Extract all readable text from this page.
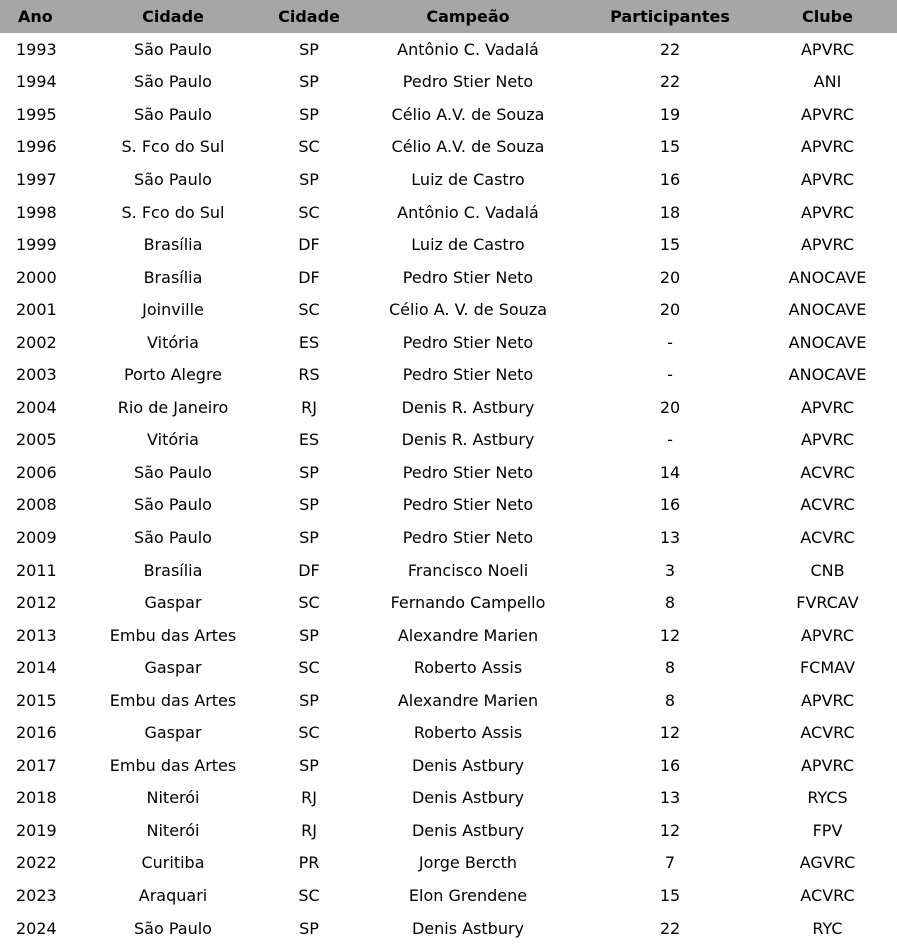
Ano	Cidade	Cidade	Campeão	Participantes	Clube
1993	São Paulo	SP	Antônio C. Vadalá	22	APVRC
1994	São Paulo	SP	Pedro Stier Neto	22	ANI
1995	São Paulo	SP	Célio A.V. de Souza	19	APVRC
1996	S. Fco do Sul	SC	Célio A.V. de Souza	15	APVRC
1997	São Paulo	SP	Luiz de Castro	16	APVRC
1998	S. Fco do Sul	SC	Antônio C. Vadalá	18	APVRC
1999	Brasília	DF	Luiz de Castro	15	APVRC
2000	Brasília	DF	Pedro Stier Neto	20	ANOCAVE
2001	Joinville	SC	Célio A. V. de Souza	20	ANOCAVE
2002	Vitória	ES	Pedro Stier Neto	-	ANOCAVE
2003	Porto Alegre	RS	Pedro Stier Neto	-	ANOCAVE
2004	Rio de Janeiro	RJ	Denis R. Astbury	20	APVRC
2005	Vitória	ES	Denis R. Astbury	-	APVRC
2006	São Paulo	SP	Pedro Stier Neto	14	ACVRC
2008	São Paulo	SP	Pedro Stier Neto	16	ACVRC
2009	São Paulo	SP	Pedro Stier Neto	13	ACVRC
2011	Brasília	DF	Francisco Noeli	3	CNB
2012	Gaspar	SC	Fernando Campello	8	FVRCAV
2013	Embu das Artes	SP	Alexandre Marien	12	APVRC
2014	Gaspar	SC	Roberto Assis	8	FCMAV
2015	Embu das Artes	SP	Alexandre Marien	8	APVRC
2016	Gaspar	SC	Roberto Assis	12	ACVRC
2017	Embu das Artes	SP	Denis Astbury	16	APVRC
2018	Niterói	RJ	Denis Astbury	13	RYCS
2019	Niterói	RJ	Denis Astbury	12	FPV
2022	Curitiba	PR	Jorge Bercth	7	AGVRC
2023	Araquari	SC	Elon Grendene	15	ACVRC
2024	São Paulo	SP	Denis Astbury	22	RYC
